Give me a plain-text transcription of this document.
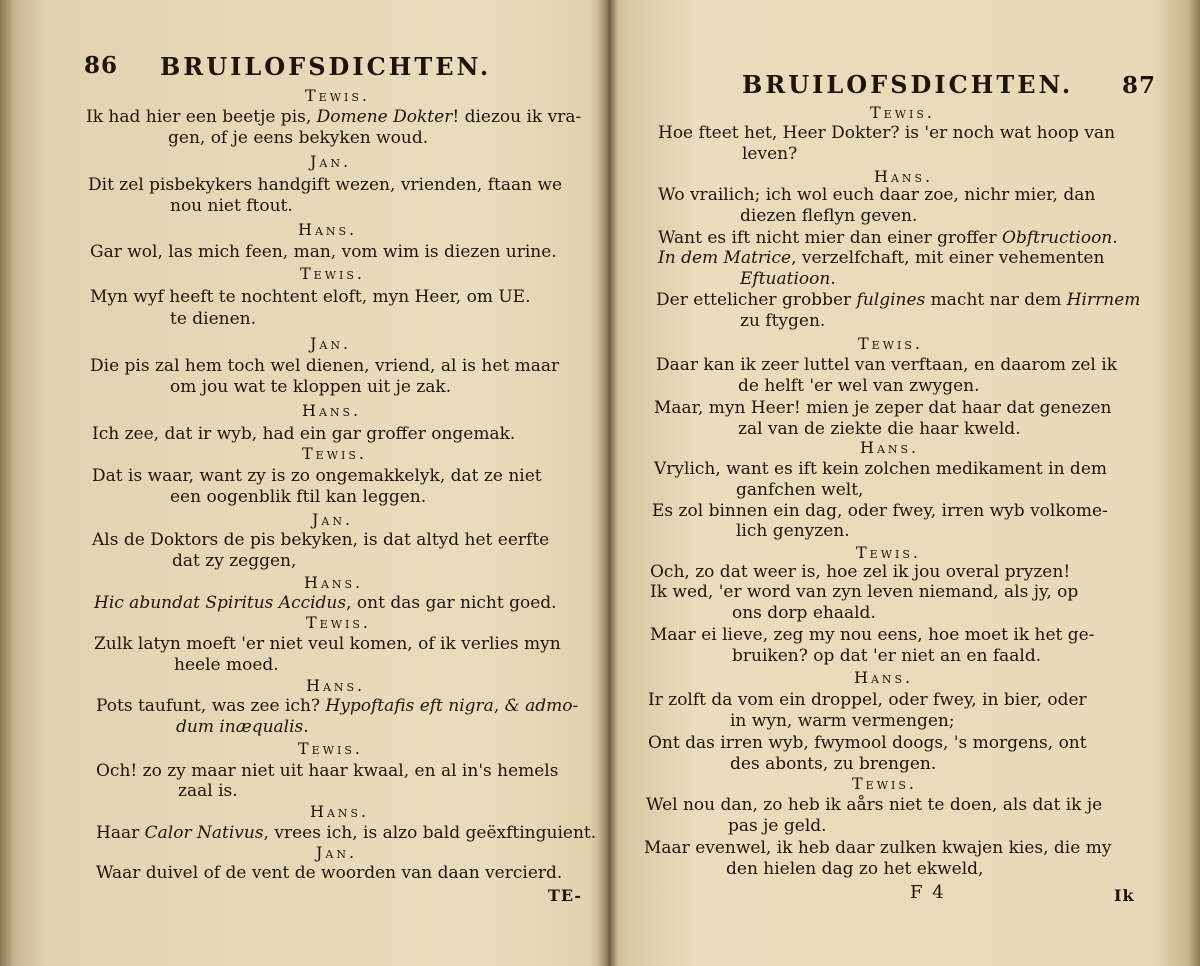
86 BRUILOFSDICHTEN.
Tewis.
Ik had hier een beetje pis, Domene Dokter! diezou ik vra-
gen, of je eens bekyken woud.
Jan.
Dit zel pisbekykers handgift wezen, vrienden, ftaan we
nou niet ftout.
Hans.
Gar wol, las mich feen, man, vom wim is diezen urine.
Tewis.
Myn wyf heeft te nochtent eloft, myn Heer, om UE.
te dienen.
Jan.
Die pis zal hem toch wel dienen, vriend, al is het maar
om jou wat te kloppen uit je zak.
Hans.
Ich zee, dat ir wyb, had ein gar groffer ongemak.
Tewis.
Dat is waar, want zy is zo ongemakkelyk, dat ze niet
een oogenblik ftil kan leggen.
Jan.
Als de Doktors de pis bekyken, is dat altyd het eerfte
dat zy zeggen,
Hans.
Hic abundat Spiritus Accidus, ont das gar nicht goed.
Tewis.
Zulk latyn moeft 'er niet veul komen, of ik verlies myn
heele moed.
Hans.
Pots taufunt, was zee ich? Hypoftafis eft nigra, & admo-
dum inæqualis.
Tewis.
Och! zo zy maar niet uit haar kwaal, en al in's hemels
zaal is.
Hans.
Haar Calor Nativus, vrees ich, is alzo bald geëxftinguient.
Jan.
Waar duivel of de vent de woorden van daan vercierd.
TE-
BRUILOFSDICHTEN. 87
Tewis.
Hoe fteet het, Heer Dokter? is 'er noch wat hoop van
leven?
Hans.
Wo vrailich; ich wol euch daar zoe, nichr mier, dan
diezen fleflyn geven.
Want es ift nicht mier dan einer groffer Obftructioon.
In dem Matrice, verzelfchaft, mit einer vehementen
Eftuatioon.
Der ettelicher grobber fulgines macht nar dem Hirrnem
zu ftygen.
Tewis.
Daar kan ik zeer luttel van verftaan, en daarom zel ik
de helft 'er wel van zwygen.
Maar, myn Heer! mien je zeper dat haar dat genezen
zal van de ziekte die haar kweld.
Hans.
Vrylich, want es ift kein zolchen medikament in dem
ganfchen welt,
Es zol binnen ein dag, oder fwey, irren wyb volkome-
lich genyzen.
Tewis.
Och, zo dat weer is, hoe zel ik jou overal pryzen!
Ik wed, 'er word van zyn leven niemand, als jy, op
ons dorp ehaald.
Maar ei lieve, zeg my nou eens, hoe moet ik het ge-
bruiken? op dat 'er niet an en faald.
Hans.
Ir zolft da vom ein droppel, oder fwey, in bier, oder
in wyn, warm vermengen;
Ont das irren wyb, fwymool doogs, 's morgens, ont
des abonts, zu brengen.
Tewis.
Wel nou dan, zo heb ik aårs niet te doen, als dat ik je
pas je geld.
Maar evenwel, ik heb daar zulken kwajen kies, die my
den hielen dag zo het ekweld,
F 4	Ik
